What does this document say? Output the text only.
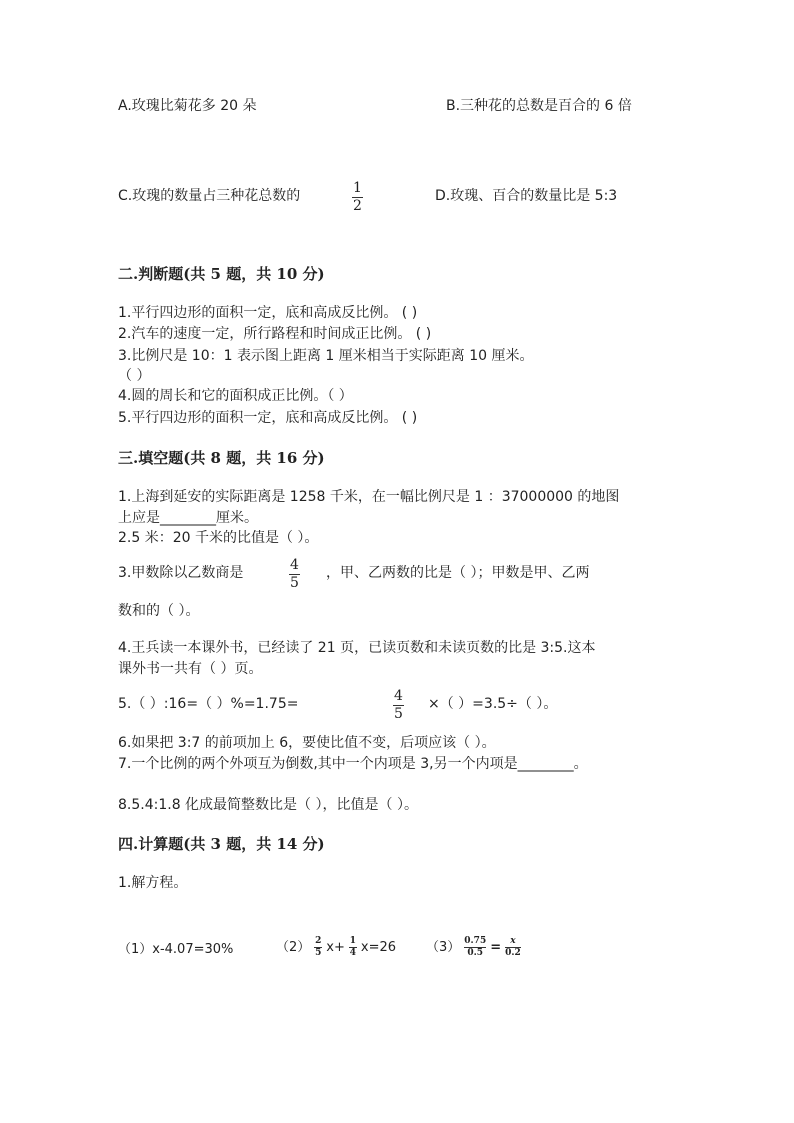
A.玫瑰比菊花多 20 朵	B.三种花的总数是百合的 6 倍
C.玫瑰的数量占三种花总数的	1
2
D.玫瑰、百合的数量比是 5:3
二.判断题(共 5 题，共 10 分)
1.平行四边形的面积一定，底和高成反比例。 ( )
2.汽车的速度一定，所行路程和时间成正比例。 ( )
3.比例尺是 10：1 表示图上距离 1 厘米相当于实际距离 10 厘米。
（ ）
4.圆的周长和它的面积成正比例。（ ）
5.平行四边形的面积一定，底和高成反比例。 ( )
三.填空题(共 8 题，共 16 分)
1.上海到延安的实际距离是 1258 千米，在一幅比例尺是 1 ：37000000 的地图
上应是________厘米。
2.5 米：20 千米的比值是（ ）。
3.甲数除以乙数商是	4
5
，甲、乙两数的比是（ ）；甲数是甲、乙两
数和的（ ）。
4.王兵读一本课外书，已经读了 21 页，已读页数和未读页数的比是 3:5.这本
课外书一共有（ ）页。
5.（ ）:16=（ ）%=1.75=	4
5
×（ ）=3.5÷（ ）。
6.如果把 3:7 的前项加上 6，要使比值不变，后项应该（ ）。
7.一个比例的两个外项互为倒数,其中一个内项是 3,另一个内项是________。
8.5.4:1.8 化成最简整数比是（ ），比值是（ ）。
四.计算题(共 3 题，共 14 分)
1.解方程。
（1）x-4.07=30%	（2） 2
5 x+ 1
4 x=26 （3） 0.75
0.5 = x
0.2
